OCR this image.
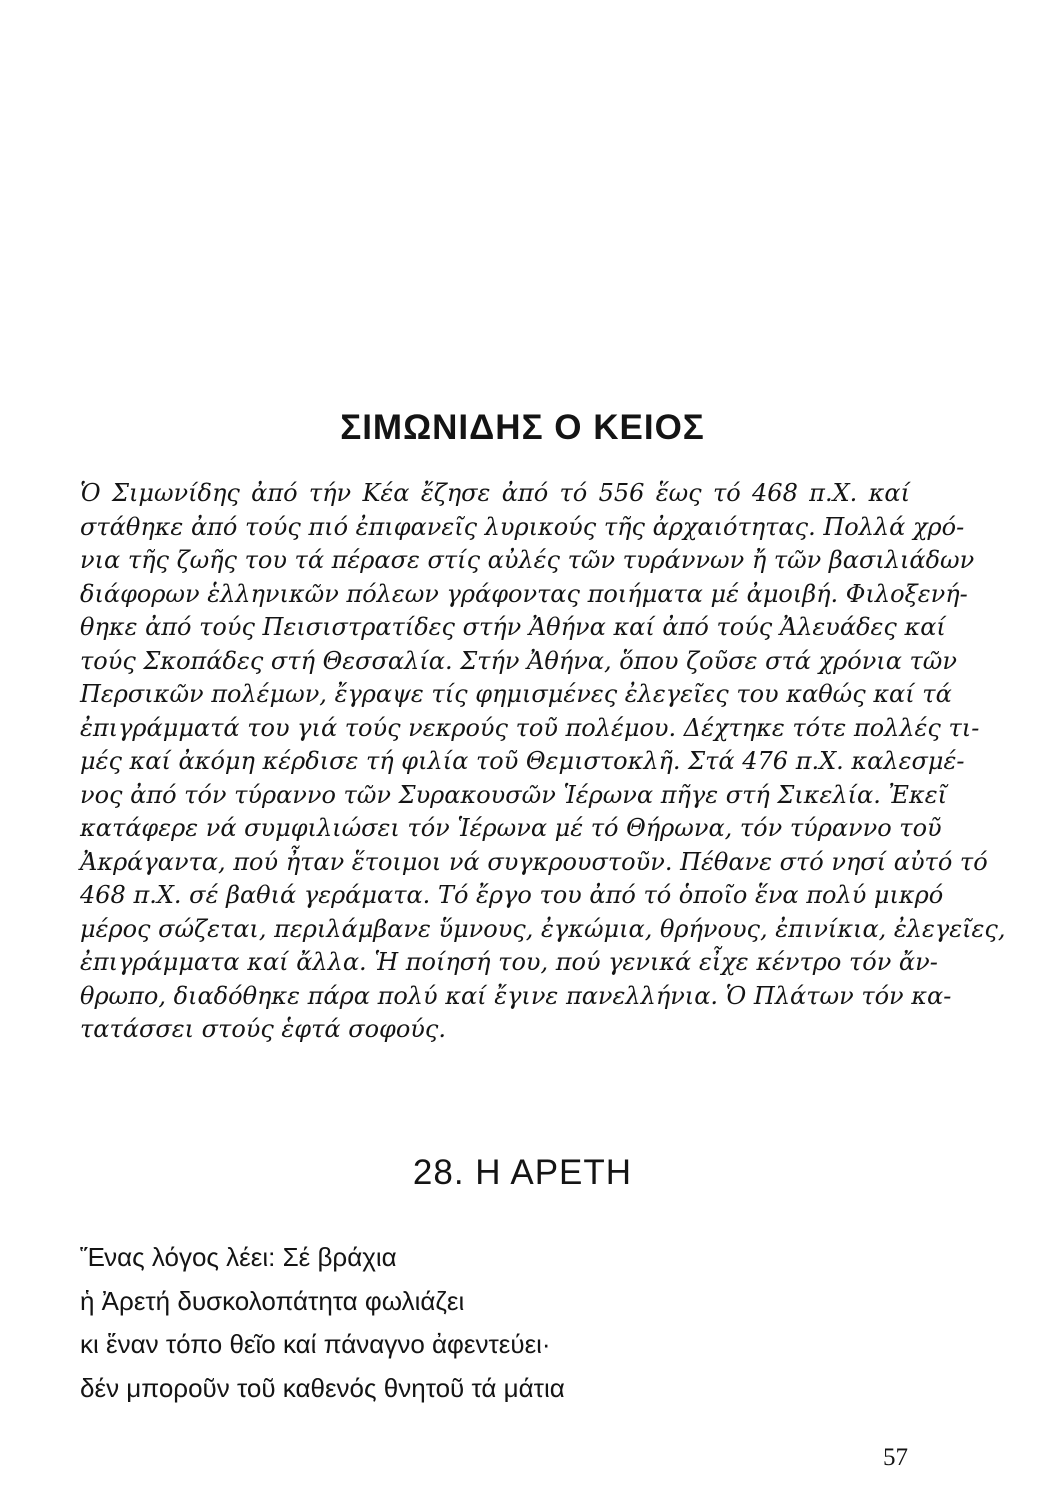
ΣΙΜΩΝΙΔΗΣ Ο ΚΕΙΟΣ
Ὁ Σιμωνίδης ἀπό τήν Κέα ἔζησε ἀπό τό 556 ἕως τό 468 π.Χ. καί
στάθηκε ἀπό τούς πιό ἐπιφανεῖς λυρικούς τῆς ἀρχαιότητας. Πολλά χρό-
νια τῆς ζωῆς του τά πέρασε στίς αὐλές τῶν τυράννων ἤ τῶν βασιλιάδων
διάφορων ἑλληνικῶν πόλεων γράφοντας ποιήματα μέ ἀμοιβή. Φιλοξενή-
θηκε ἀπό τούς Πεισιστρατίδες στήν Ἀθήνα καί ἀπό τούς Ἀλευάδες καί
τούς Σκοπάδες στή Θεσσαλία. Στήν Ἀθήνα, ὅπου ζοῦσε στά χρόνια τῶν
Περσικῶν πολέμων, ἔγραψε τίς φημισμένες ἐλεγεῖες του καθώς καί τά
ἐπιγράμματά του γιά τούς νεκρούς τοῦ πολέμου. Δέχτηκε τότε πολλές τι-
μές καί ἀκόμη κέρδισε τή φιλία τοῦ Θεμιστοκλῆ. Στά 476 π.Χ. καλεσμέ-
νος ἀπό τόν τύραννο τῶν Συρακουσῶν Ἱέρωνα πῆγε στή Σικελία. Ἐκεῖ
κατάφερε νά συμφιλιώσει τόν Ἱέρωνα μέ τό Θήρωνα, τόν τύραννο τοῦ
Ἀκράγαντα, πού ἦταν ἕτοιμοι νά συγκρουστοῦν. Πέθανε στό νησί αὐτό τό
468 π.Χ. σέ βαθιά γεράματα. Τό ἔργο του ἀπό τό ὁποῖο ἕνα πολύ μικρό
μέρος σώζεται, περιλάμβανε ὕμνους, ἐγκώμια, θρήνους, ἐπινίκια, ἐλεγεῖες,
ἐπιγράμματα καί ἄλλα. Ἡ ποίησή του, πού γενικά εἶχε κέντρο τόν ἄν-
θρωπο, διαδόθηκε πάρα πολύ καί ἔγινε πανελλήνια. Ὁ Πλάτων τόν κα-
τατάσσει στούς ἑφτά σοφούς.
28. Η ΑΡΕΤΗ
Ἕνας λόγος λέει: Σέ βράχια
ἡ Ἀρετή δυσκολοπάτητα φωλιάζει
κι ἕναν τόπο θεῖο καί πάναγνο ἀφεντεύει·
δέν μποροῦν τοῦ καθενός θνητοῦ τά μάτια
57
